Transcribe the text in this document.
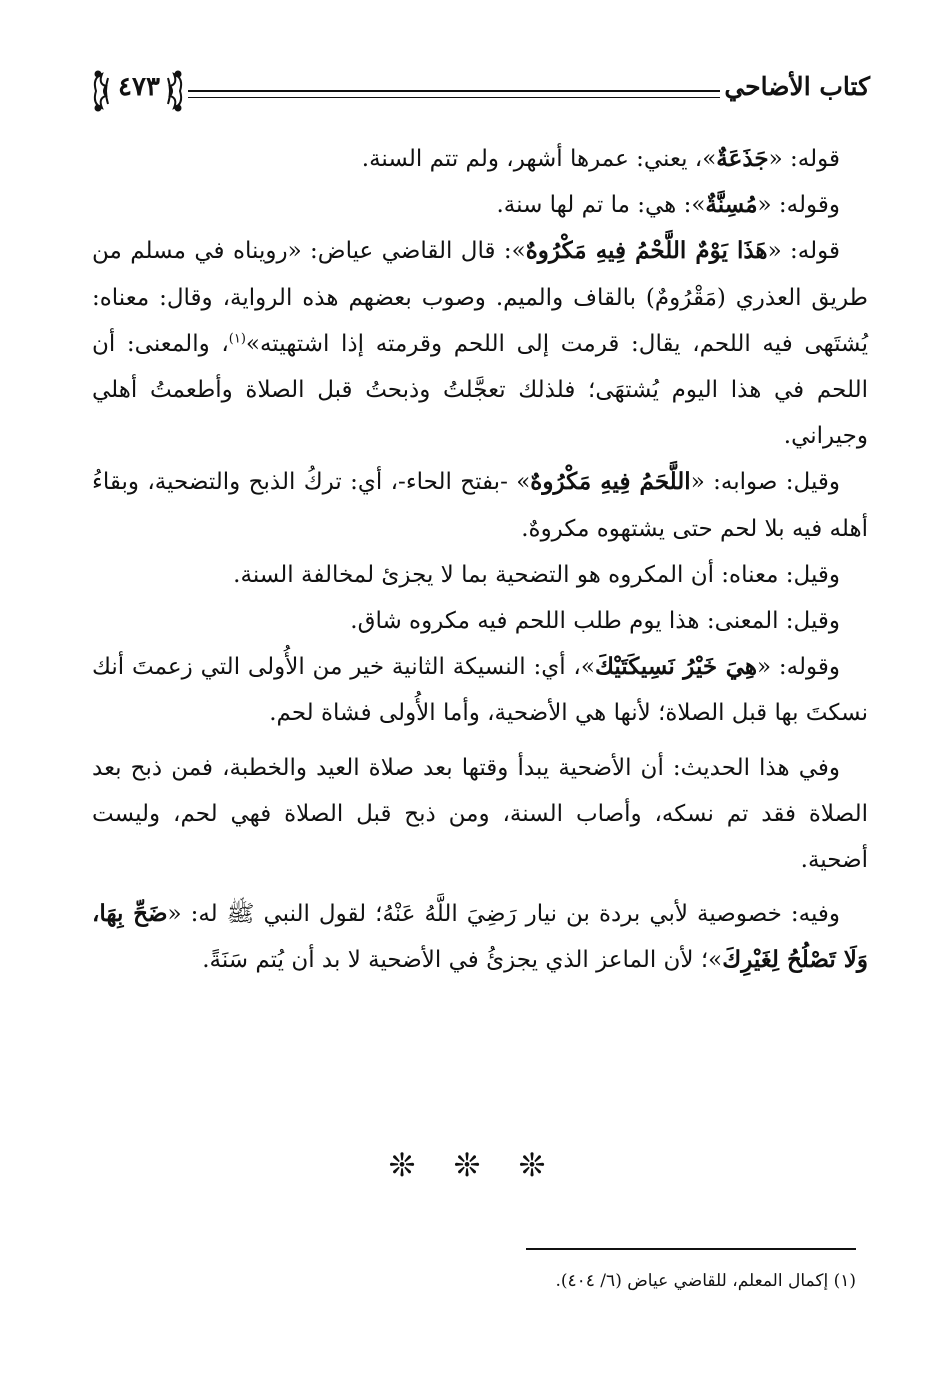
٤٧٣	كتاب الأضاحي

قوله: «جَذَعَةٌ»، يعني: عمرها أشهر، ولم تتم السنة.

وقوله: «مُسِنَّةٌ»: هي: ما تم لها سنة.

قوله: «هَذَا يَوْمٌ اللَّحْمُ فِيهِ مَكْرُوهٌ»: قال القاضي عياض: «رويناه في مسلم من طريق العذري (مَقْرُومٌ) بالقاف والميم. وصوب بعضهم هذه الرواية، وقال: معناه: يُشتَهى فيه اللحم، يقال: قرمت إلى اللحم وقرمته إذا اشتهيته»$^{(١)}$، والمعنى: أن اللحم في هذا اليوم يُشتهَى؛ فلذلك تعجَّلتُ وذبحتُ قبل الصلاة وأطعمتُ أهلي وجيراني.

وقيل: صوابه: «اللَّحَمُ فِيهِ مَكْرُوهٌ» -بفتح الحاء-، أي: تركُ الذبح والتضحية، وبقاءُ أهله فيه بلا لحم حتى يشتهوه مكروهٌ.

وقيل: معناه: أن المكروه هو التضحية بما لا يجزئ لمخالفة السنة.

وقيل: المعنى: هذا يوم طلب اللحم فيه مكروه شاق.

وقوله: «هِيَ خَيْرُ نَسِيكَتَيْكَ»، أي: النسيكة الثانية خير من الأُولى التي زعمتَ أنك نسكتَ بها قبل الصلاة؛ لأنها هي الأضحية، وأما الأُولى فشاة لحم.

وفي هذا الحديث: أن الأضحية يبدأ وقتها بعد صلاة العيد والخطبة، فمن ذبح بعد الصلاة فقد تم نسكه، وأصاب السنة، ومن ذبح قبل الصلاة فهي لحم، وليست أضحية.

وفيه: خصوصية لأبي بردة بن نيار رَضِيَ اللَّهُ عَنْهُ؛ لقول النبي ﷺ له: «ضَحِّ بِهَا، وَلَا تَصْلُحُ لِغَيْرِكَ»؛ لأن الماعز الذي يجزئُ في الأضحية لا بد أن يُتم سَنَةً.

❊ ❊ ❊
(١) إكمال المعلم، للقاضي عياض (٦/ ٤٠٤).
